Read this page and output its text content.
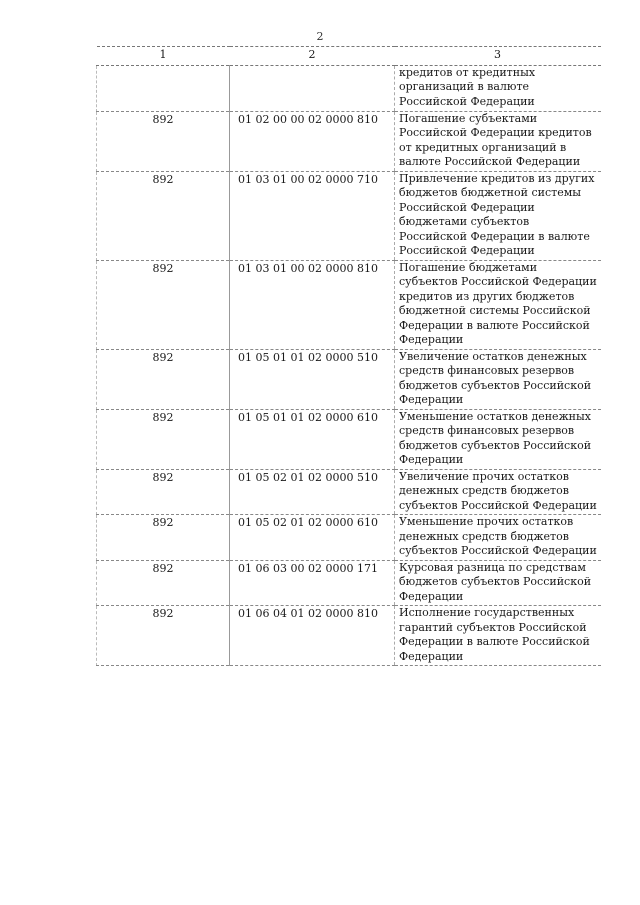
2
1	2	3
		кредитов от кредитных организаций в валюте Российской Федерации
892	01 02 00 00 02 0000 810	Погашение субъектами Российской Федерации кредитов от кредитных организаций в валюте Российской Федерации
892	01 03 01 00 02 0000 710	Привлечение кредитов из других бюджетов бюджетной системы Российской Федерации бюджетами субъектов Российской Федерации в валюте Российской Федерации
892	01 03 01 00 02 0000 810	Погашение бюджетами субъектов Российской Федерации кредитов из других бюджетов бюджетной системы Российской Федерации в валюте Российской Федерации
892	01 05 01 01 02 0000 510	Увеличение остатков денежных средств финансовых резервов бюджетов субъектов Российской Федерации
892	01 05 01 01 02 0000 610	Уменьшение остатков денежных средств финансовых резервов бюджетов субъектов Российской Федерации
892	01 05 02 01 02 0000 510	Увеличение прочих остатков денежных средств бюджетов субъектов Российской Федерации
892	01 05 02 01 02 0000 610	Уменьшение прочих остатков денежных средств бюджетов субъектов Российской Федерации
892	01 06 03 00 02 0000 171	Курсовая разница по средствам бюджетов субъектов Российской Федерации
892	01 06 04 01 02 0000 810	Исполнение государственных гарантий субъектов Российской Федерации в валюте Российской Федерации
